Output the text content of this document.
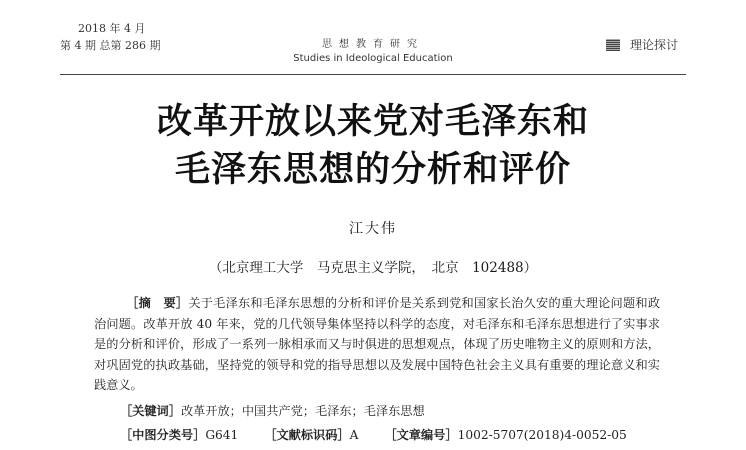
2018 年 4 月
第 4 期 总第 286 期	思想教育研究
Studies in Ideological Education
理论探讨
改革开放以来党对毛泽东和
毛泽东思想的分析和评价
江大伟
（北京理工大学　马克思主义学院，　北京　102488）
［摘　要］关于毛泽东和毛泽东思想的分析和评价是关系到党和国家长治久安的重大理论问题和政治问题。改革开放 40 年来，党的几代领导集体坚持以科学的态度，对毛泽东和毛泽东思想进行了实事求是的分析和评价，形成了一系列一脉相承而又与时俱进的思想观点，体现了历史唯物主义的原则和方法，对巩固党的执政基础，坚持党的领导和党的指导思想以及发展中国特色社会主义具有重要的理论意义和实践意义。
［关键词］改革开放；中国共产党；毛泽东；毛泽东思想
［中图分类号］G641 ［文献标识码］A ［文章编号］1002-5707(2018)4-0052-05
